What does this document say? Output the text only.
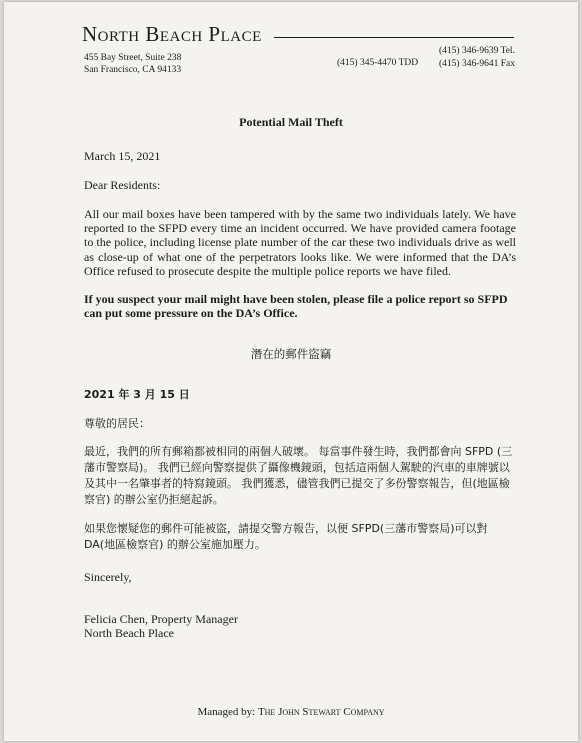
North Beach Place
455 Bay Street, Suite 238
San Francisco, CA 94133
(415) 345-4470 TDD
(415) 346-9639 Tel.
(415) 346-9641 Fax
Potential Mail Theft
March 15, 2021
Dear Residents:
All our mail boxes have been tampered with by the same two individuals lately. We have reported to the SFPD every time an incident occurred. We have provided camera footage to the police, including license plate number of the car these two individuals drive as well as close-up of what one of the perpetrators looks like. We were informed that the DA’s Office refused to prosecute despite the multiple police reports we have filed.
If you suspect your mail might have been stolen, please file a police report so SFPD can put some pressure on the DA’s Office.
潛在的郵件盜竊
2021 年 3 月 15 日
尊敬的居民：
最近，我們的所有郵箱都被相同的兩個人破壞。 每當事件發生時，我們都會向 SFPD (三藩市警察局)。 我們已經向警察提供了攝像機鏡頭，包括這兩個人駕駛的汽車的車牌號以及其中一名肇事者的特寫鏡頭。 我們獲悉，儘管我們已提交了多份警察報告，但(地區檢察官) 的辦公室仍拒絕起訴。
如果您懷疑您的郵件可能被盜，請提交警方報告，以便 SFPD(三藩市警察局)可以對 DA(地區檢察官) 的辦公室施加壓力。
Sincerely,
Felicia Chen, Property Manager
North Beach Place
Managed by: The John Stewart Company
